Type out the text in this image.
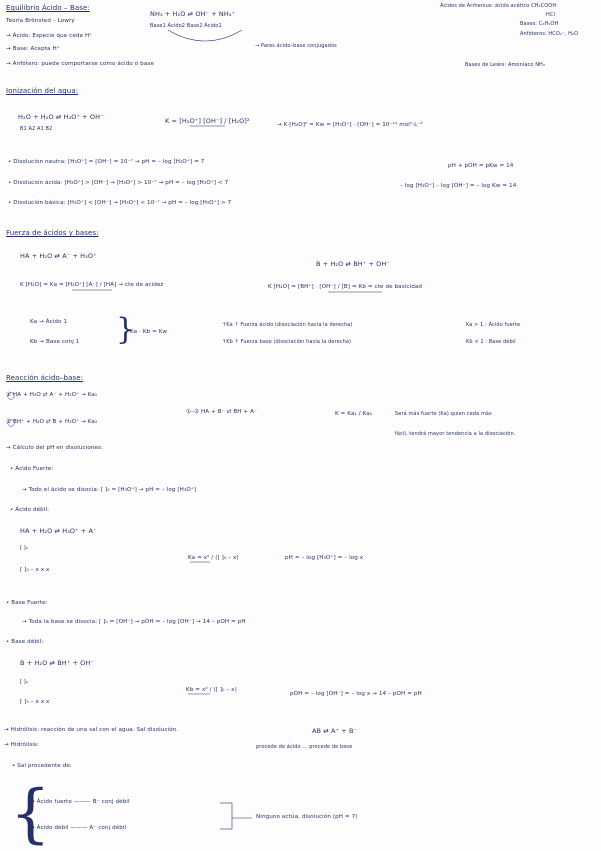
Equilibrio Ácido – Base:
Teoría Brönsted – Lowry
→ Ácido: Especie que cede H⁺
→ Base: Acepta H⁺
→ Anfótero: puede comportarse como ácido o base
NH₃ + H₂O ⇄ OH⁻ + NH₄⁺
Base1 Ácido2 Base2 Ácido1
→ Pares ácido–base conjugados
Ácidos de Arrhenius: ácido acético CH₃COOH
HCl
Bases: C₆H₅OH
Anfóteros: HCO₃⁻, H₂O
Bases de Lewis: Amoniaco NH₃
Ionización del agua:
H₂O + H₂O ⇄ H₃O⁺ + OH⁻
B1 A2 A1 B2
K = [H₃O⁺] [OH⁻] / [H₂O]²	→ K·[H₂O]² = Kw = [H₃O⁺] · [OH⁻] = 10⁻¹⁴ mol²·L⁻²
• Disolución neutra: [H₃O⁺] = [OH⁻] = 10⁻⁷ → pH = – log [H₃O⁺] = 7
• Disolución ácida: [H₃O⁺] > [OH⁻] → [H₃O⁺] > 10⁻⁷ → pH = – log [H₃O⁺] < 7
• Disolución básica: [H₃O⁺] < [OH⁻] → [H₃O⁺] < 10⁻⁷ → pH = – log [H₃O⁺] > 7
pH + pOH = pKw = 14
– log [H₃O⁺] – log [OH⁻] = – log Kw = 14
Fuerza de ácidos y bases:
HA + H₂O ⇄ A⁻ + H₃O⁺
K [H₂O] = Ka = [H₃O⁺] [A⁻] / [HA] → cte de acidez
B + H₂O ⇄ BH⁺ + OH⁻
K [H₂O] = [BH⁺] · [OH⁻] / [B] = Kb = cte de basicidad
Ka → Ácido 1
Kb → Base conj 1 }
Ka · Kb = Kw
↑Ka ↑ Fuerza ácido (disociación hacia la derecha)
↑Kb ↑ Fuerza base (disociación hacia la derecha)
Ka > 1 : Ácido fuerte
Kb < 1 : Base débil
Reacción ácido–base:
① HA + H₂O ⇄ A⁻ + H₃O⁺ → Ka₁
② BH⁺ + H₂O ⇄ B + H₃O⁺ → Ka₂
①–② HA + B⁻ ⇄ BH + A⁻	K = Ka₁ / Ka₂	Será más fuerte (Ka) quien ceda más
fácil, tendrá mayor tendencia a la disociación.
→ Cálculo del pH en disoluciones:
• Ácido Fuerte:
→ Todo el ácido se disocia: [ ]₀ = [H₃O⁺] → pH = – log [H₃O⁺]
• Ácido débil:
HA + H₂O ⇄ H₃O⁺ + A⁻
[ ]₀
[ ]₀ – x x x
Ka = x² / ([ ]₀ – x)	pH = – log [H₃O⁺] = – log x
• Base Fuerte:
→ Toda la base se disocia: [ ]₀ = [OH⁻] → pOH = – log [OH⁻] → 14 – pOH = pH
• Base débil:
B + H₂O ⇄ BH⁺ + OH⁻
[ ]₀
[ ]₀ – x x x
Kb = x² / ([ ]₀ – x)
pOH = – log [OH⁻] = – log x → 14 – pOH = pH
→ Hidrólisis: reacción de una sal con el agua. Sal disolución.	AB ⇄ A⁺ + B⁻
procede de ácido … procede de base
→ Hidrólisis:
• Sal procedente de:
{
→ Ácido fuerte ——— B⁻ conj débil
→ Ácido débil ——— A⁻ conj débil
Ninguno actúa, disolución (pH = 7)
